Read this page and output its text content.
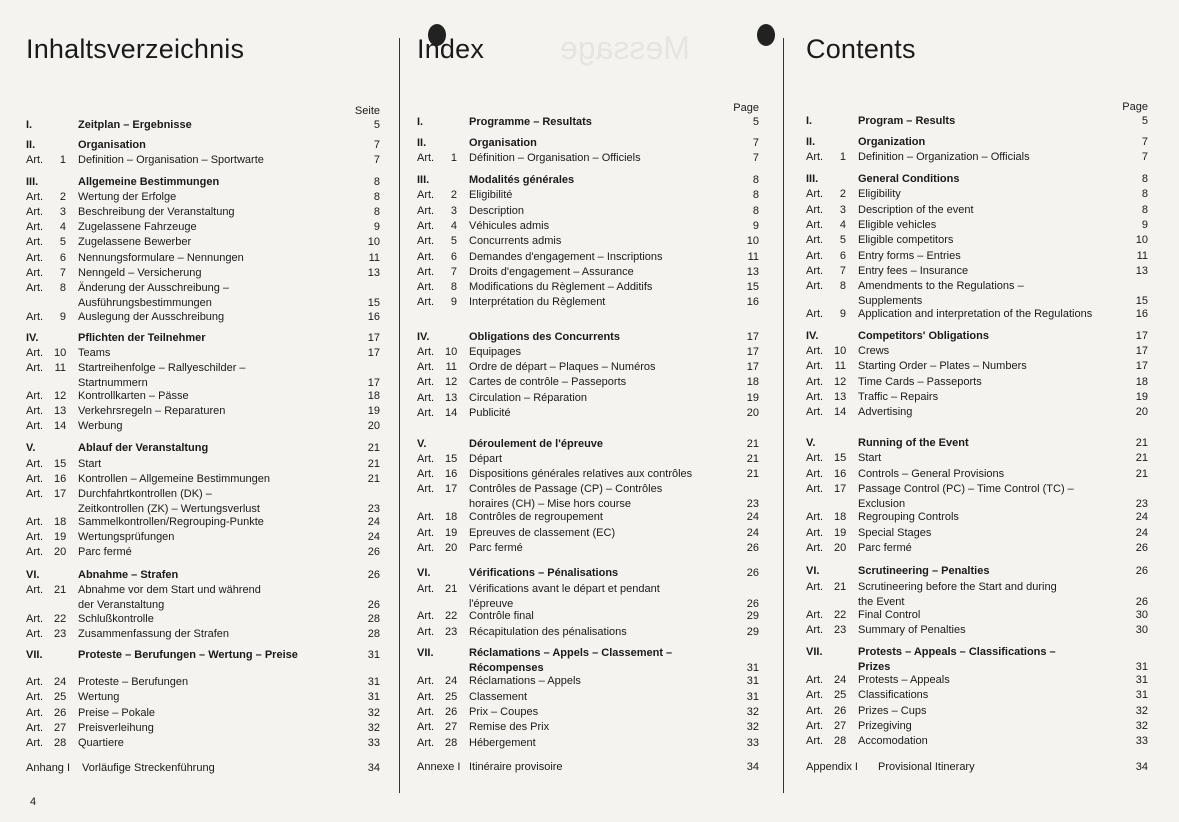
Message
Inhaltsverzeichnis
Seite
I.	Zeitplan – Ergebnisse	5
II.	Organisation	7
Art.	1 Definition – Organisation – Sportwarte	7
III.	Allgemeine Bestimmungen	8
Art.	2 Wertung der Erfolge	8
Art.	3 Beschreibung der Veranstaltung	8
Art.	4 Zugelassene Fahrzeuge	9
Art.	5 Zugelassene Bewerber	10
Art.	6 Nennungsformulare – Nennungen	11
Art.	7 Nenngeld – Versicherung	13
Art.	8 Änderung der Ausschreibung –
Ausführungsbestimmungen	15
Art.	9 Auslegung der Ausschreibung	16
IV.	Pflichten der Teilnehmer	17
Art. 10 Teams	17
Art. 11 Startreihenfolge – Rallyeschilder –
Startnummern	17
Art. 12 Kontrollkarten – Pässe	18
Art. 13 Verkehrsregeln – Reparaturen	19
Art. 14 Werbung	20
V.	Ablauf der Veranstaltung	21
Art. 15 Start	21
Art. 16 Kontrollen – Allgemeine Bestimmungen	21
Art. 17 Durchfahrtkontrollen (DK) –
Zeitkontrollen (ZK) – Wertungsverlust	23
Art. 18 Sammelkontrollen/Regrouping-Punkte	24
Art. 19 Wertungsprüfungen	24
Art. 20 Parc fermé	26
VI.	Abnahme – Strafen	26
Art. 21 Abnahme vor dem Start und während
der Veranstaltung	26
Art. 22 Schlußkontrolle	28
Art. 23 Zusammenfassung der Strafen	28
VII.	Proteste – Berufungen – Wertung – Preise	31
Art. 24 Proteste – Berufungen	31
Art. 25 Wertung	31
Art. 26 Preise – Pokale	32
Art. 27 Preisverleihung	32
Art. 28 Quartiere	33
Anhang I Vorläufige Streckenführung	34
Index
Page
I.	Programme – Resultats	5
II.	Organisation	7
Art.	1 Définition – Organisation – Officiels	7
III.	Modalités générales	8
Art.	2 Eligibilité	8
Art.	3 Description	8
Art.	4 Véhicules admis	9
Art.	5 Concurrents admis	10
Art.	6 Demandes d'engagement – Inscriptions	11
Art.	7 Droits d'engagement – Assurance	13
Art.	8 Modifications du Règlement – Additifs	15
Art.	9 Interprétation du Règlement	16
IV.	Obligations des Concurrents	17
Art. 10 Equipages	17
Art. 11 Ordre de départ – Plaques – Numéros	17
Art. 12 Cartes de contrôle – Passeports	18
Art. 13 Circulation – Réparation	19
Art. 14 Publicité	20
V.	Déroulement de l'épreuve	21
Art. 15 Départ	21
Art. 16 Dispositions générales relatives aux contrôles	21
Art. 17 Contrôles de Passage (CP) – Contrôles
horaires (CH) – Mise hors course	23
Art. 18 Contrôles de regroupement	24
Art. 19 Epreuves de classement (EC)	24
Art. 20 Parc fermé	26
VI.	Vérifications – Pénalisations	26
Art. 21 Vérifications avant le départ et pendant
l'épreuve	26
Art. 22 Contrôle final	29
Art. 23 Récapitulation des pénalisations	29
VII.	Réclamations – Appels – Classement –
Récompenses	31
Art. 24 Réclamations – Appels	31
Art. 25 Classement	31
Art. 26 Prix – Coupes	32
Art. 27 Remise des Prix	32
Art. 28 Hébergement	33
Annexe I Itinéraire provisoire	34
Contents
Page
I.	Program – Results	5
II.	Organization	7
Art.	1 Definition – Organization – Officials	7
III.	General Conditions	8
Art.	2 Eligibility	8
Art.	3 Description of the event	8
Art.	4 Eligible vehicles	9
Art.	5 Eligible competitors	10
Art.	6 Entry forms – Entries	11
Art.	7 Entry fees – Insurance	13
Art.	8 Amendments to the Regulations –
Supplements	15
Art.	9 Application and interpretation of the Regulations	16
IV.	Competitors' Obligations	17
Art. 10 Crews	17
Art. 11 Starting Order – Plates – Numbers	17
Art. 12 Time Cards – Passeports	18
Art. 13 Traffic – Repairs	19
Art. 14 Advertising	20
V.	Running of the Event	21
Art. 15 Start	21
Art. 16 Controls – General Provisions	21
Art. 17 Passage Control (PC) – Time Control (TC) –
Exclusion	23
Art. 18 Regrouping Controls	24
Art. 19 Special Stages	24
Art. 20 Parc fermé	26
VI.	Scrutineering – Penalties	26
Art. 21 Scrutineering before the Start and during
the Event	26
Art. 22 Final Control	30
Art. 23 Summary of Penalties	30
VII.	Protests – Appeals – Classifications –
Prizes	31
Art. 24 Protests – Appeals	31
Art. 25 Classifications	31
Art. 26 Prizes – Cups	32
Art. 27 Prizegiving	32
Art. 28 Accomodation	33
Appendix I Provisional Itinerary	34
4
